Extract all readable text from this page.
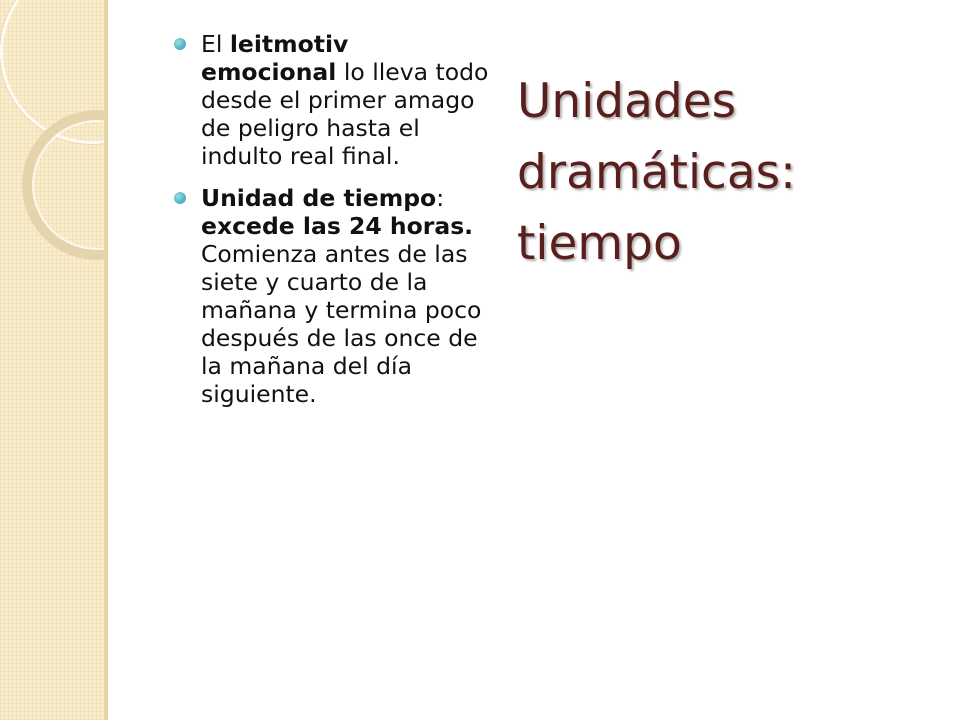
El leitmotiv emocional lo lleva todo desde el primer amago de peligro hasta el indulto real final.
Unidad de tiempo: excede las 24 horas. Comienza antes de las siete y cuarto de la mañana y termina poco después de las once de la mañana del día siguiente.
Unidades
dramáticas:
tiempo
